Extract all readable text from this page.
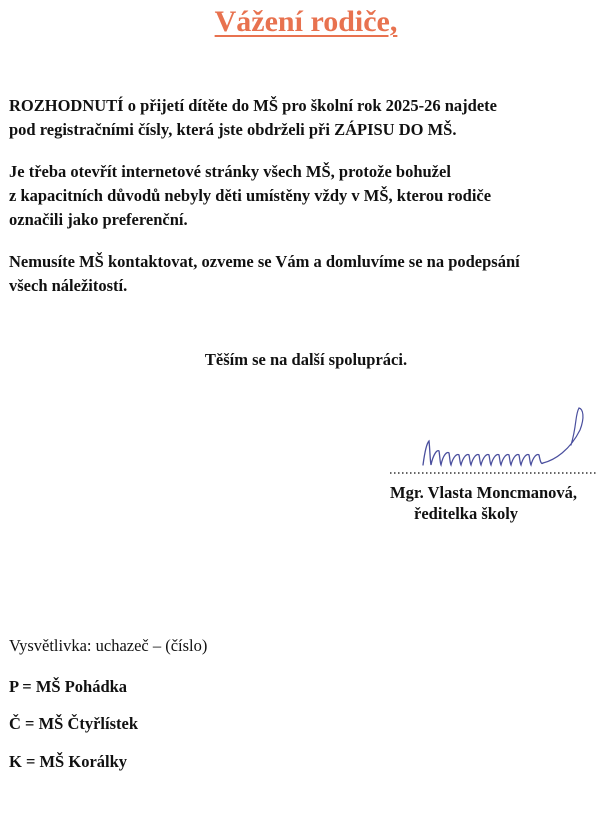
Vážení rodiče,

ROZHODNUTÍ o přijetí dítěte do MŠ pro školní rok 2025-26 najdete
pod registračními čísly, která jste obdrželi při ZÁPISU DO MŠ.

Je třeba otevřít internetové stránky všech MŠ, protože bohužel
z kapacitních důvodů nebyly děti umístěny vždy v MŠ, kterou rodiče
označili jako preferenční.

Nemusíte MŠ kontaktovat, ozveme se Vám a domluvíme se na podepsání
všech náležitostí.

Těším se na další spolupráci.

Mgr. Vlasta Moncmanová,

ředitelka školy

Vysvětlivka: uchazeč – (číslo)

P = MŠ Pohádka

Č = MŠ Čtyřlístek

K = MŠ Korálky
